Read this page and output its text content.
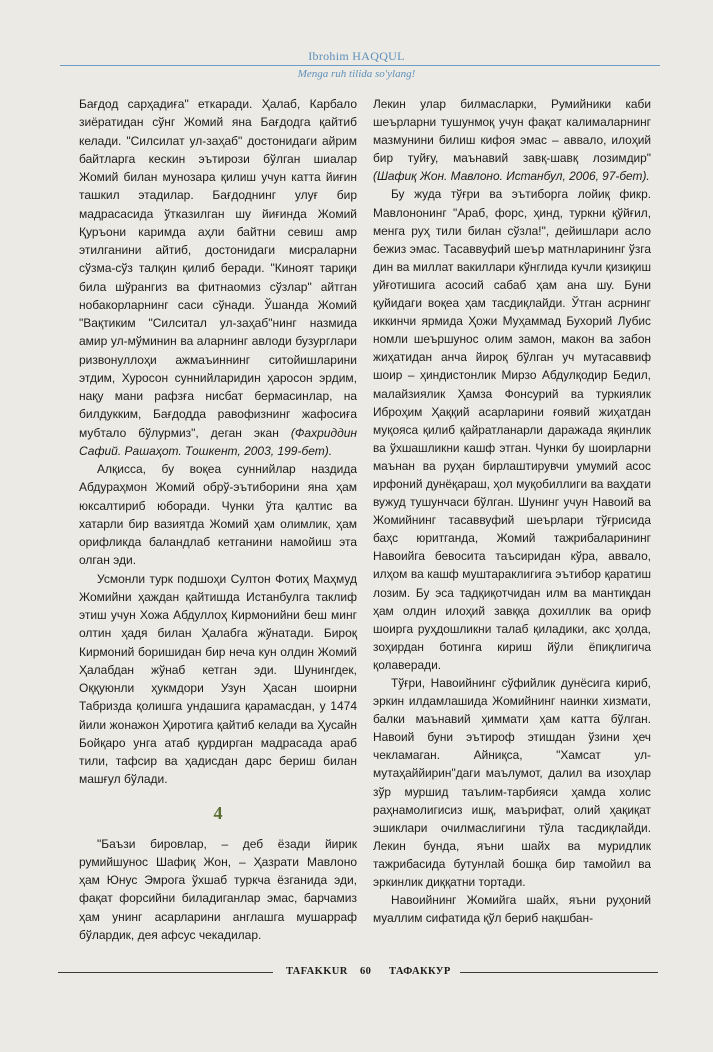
Ibrohim HAQQUL
Menga ruh tilida so'ylang!

Бағдод сарҳадиға" еткаради. Ҳалаб, Карбало зиёратидан сўнг Жомий яна Бағдодга қайтиб келади. "Силсилат ул-заҳаб" достонидаги айрим байтларга кескин эътирози бўлган шиалар Жомий билан мунозара қилиш учун катта йиғин ташкил этадилар. Бағдоднинг улуғ бир мадрасасида ўтказилган шу йиғинда Жомий Қуръони каримда аҳли байтни севиш амр этилганини айтиб, достонидаги мисраларни сўзма-сўз талқин қилиб беради. "Киноят тариқи била шўрангиз ва фитнаомиз сўзлар" айтган нобакорларнинг саси сўнади. Ўшанда Жомий "Вақтиким "Силситал ул-заҳаб"нинг назмида амир ул-мўминин ва аларнинг авлоди бузурглари ризвонуллоҳи ажмаъиннинг ситойишларини этдим, Хуросон суннийларидин ҳаросон эрдим, нақу мани рафзға нисбат бермасинлар, на билдукким, Бағдодда равофизнинг жафосиға мубтало бўлурмиз", деган экан (Фахриддин Сафий. Рашаҳот. Тошкент, 2003, 199-бет).

Алқисса, бу воқеа суннийлар наздида Абдураҳмон Жомий обрў-эътиборини яна ҳам юксалтириб юборади. Чунки ўта қалтис ва хатарли бир вазиятда Жомий ҳам олимлик, ҳам орифликда баландлаб кетганини намойиш эта олган эди.

Усмонли турк подшоҳи Султон Фотиҳ Маҳмуд Жомийни ҳаждан қайтишда Истанбулга таклиф этиш учун Хожа Абдуллоҳ Кирмонийни беш минг олтин ҳадя билан Ҳалабга жўнатади. Бироқ Кирмоний боришидан бир неча кун олдин Жомий Ҳалабдан жўнаб кетган эди. Шунингдек, Оққуюнли ҳукмдори Узун Ҳасан шоирни Табризда қолишга ундашига қарамасдан, у 1474 йили жонажон Ҳиротига қайтиб келади ва Ҳусайн Бойқаро унга атаб қурдирган мадрасада араб тили, тафсир ва ҳадисдан дарс бериш билан машғул бўлади.

4

"Баъзи бировлар, – деб ёзади йирик румийшунос Шафиқ Жон, – Ҳазрати Мавлоно ҳам Юнус Эмрога ўхшаб туркча ёзганида эди, фақат форсийни биладиганлар эмас, барчамиз ҳам унинг асарларини англашга мушарраф бўлардик, дея афсус чекадилар.

Лекин улар билмасларки, Румийники каби шеърларни тушунмоқ учун фақат калималарнинг мазмунини билиш кифоя эмас – аввало, илоҳий бир туйғу, маънавий завқ-шавқ лозимдир" (Шафиқ Жон. Мавлоно. Истанбул, 2006, 97-бет).

Бу жуда тўғри ва эътиборга лойиқ фикр. Мавлононинг "Араб, форс, ҳинд, туркни қўйғил, менга руҳ тили билан сўзла!", дейишлари асло бежиз эмас. Тасаввуфий шеър матнларининг ўзга дин ва миллат вакиллари кўнглида кучли қизиқиш уйғотишига асосий сабаб ҳам ана шу. Буни қуйидаги воқеа ҳам тасдиқлайди. Ўтган асрнинг иккинчи ярмида Ҳожи Муҳаммад Бухорий Лубис номли шеършунос олим замон, макон ва забон жиҳатидан анча йироқ бўлган уч мутасаввиф шоир – ҳиндистонлик Мирзо Абдулқодир Бедил, малайзиялик Ҳамза Фонсурий ва туркиялик Иброҳим Ҳаққий асарларини ғоявий жиҳатдан муқояса қилиб қайратланарли даражада яқинлик ва ўхшашликни кашф этган. Чунки бу шоирларни маънан ва руҳан бирлаштирувчи умумий асос ирфоний дунёқараш, ҳол муқобиллиги ва ваҳдати вужуд тушунчаси бўлган. Шунинг учун Навоий ва Жомийнинг тасаввуфий шеърлари тўғрисида баҳс юритганда, Жомий тажрибаларининг Навоийга бевосита таъсиридан кўра, аввало, илҳом ва кашф муштараклигига эътибор қаратиш лозим. Бу эса тадқиқотчидан илм ва мантиқдан ҳам олдин илоҳий завққа дохиллик ва ориф шоирга руҳдошликни талаб қиладики, акс ҳолда, зоҳирдан ботинга кириш йўли ёпиқлигича қолаверади.

Тўғри, Навоийнинг сўфийлик дунёсига кириб, эркин илдамлашида Жомийнинг наинки хизмати, балки маънавий ҳиммати ҳам катта бўлган. Навоий буни эътироф этишдан ўзини ҳеч чекламаган. Айниқса, "Хамсат ул-мутаҳаййирин"даги маълумот, далил ва изоҳлар зўр муршид таълим-тарбияси ҳамда холис раҳнамолигисиз ишқ, маърифат, олий ҳақиқат эшиклари очилмаслигини тўла тасдиқлайди. Лекин бунда, яъни шайх ва муридлик тажрибасида бутунлай бошқа бир тамойил ва эркинлик диққатни тортади.

Навоийнинг Жомийга шайх, яъни руҳоний муаллим сифатида қўл бериб нақшбан-

TAFAKKUR 60 ТАФАККУР
